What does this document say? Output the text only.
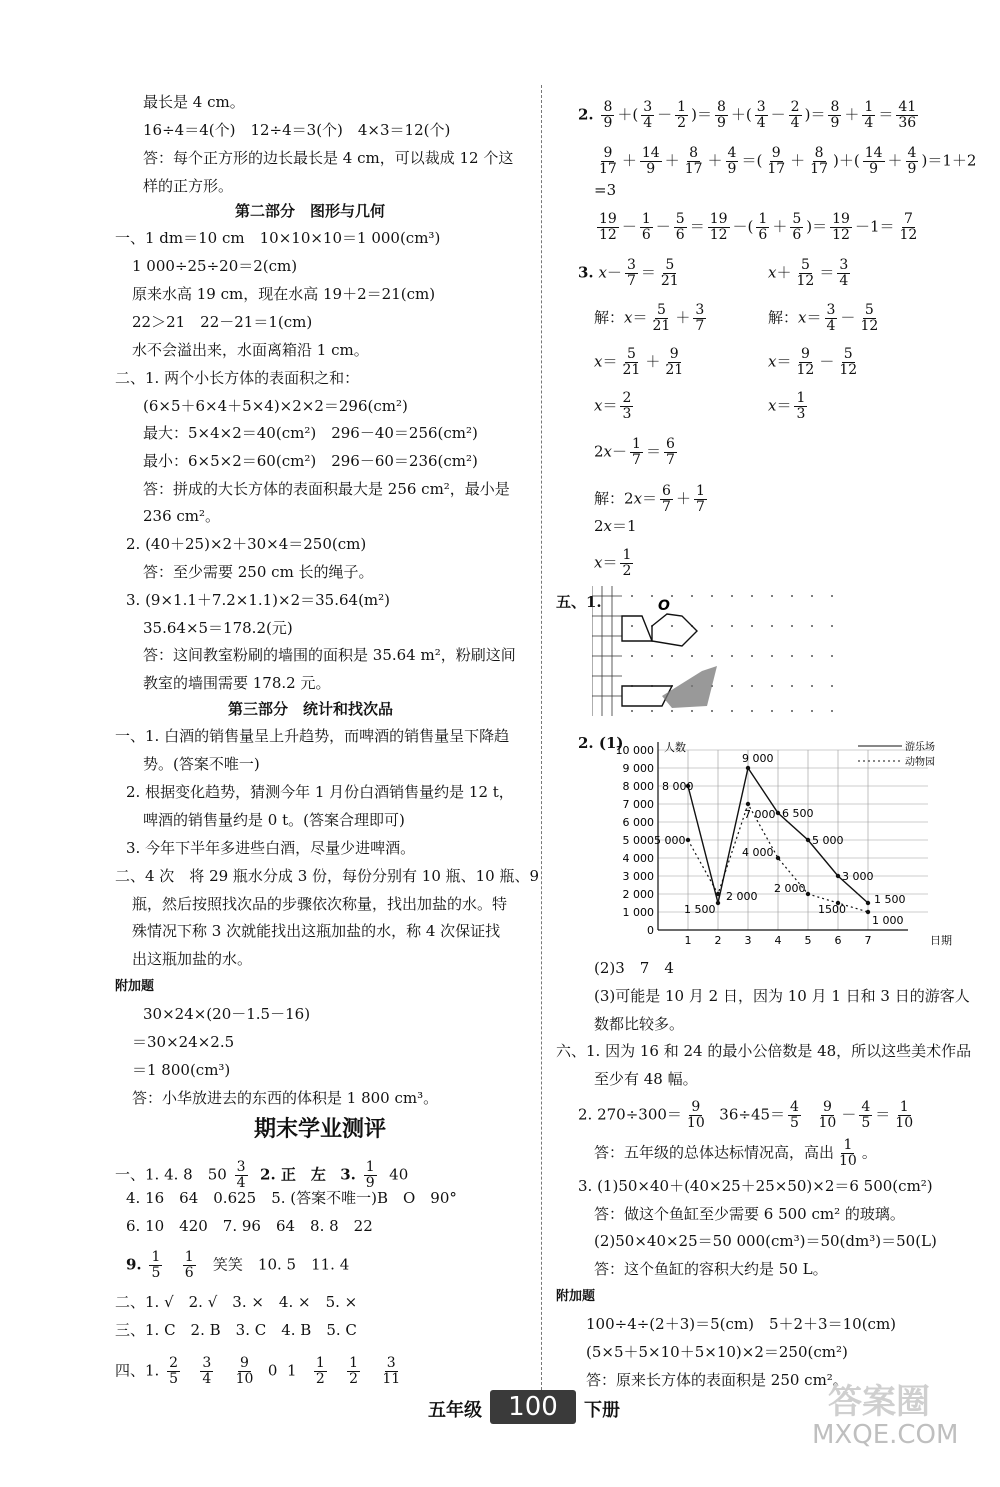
最长是 4 cm。
16÷4＝4(个)　12÷4＝3(个)　4×3＝12(个)
答：每个正方形的边长最长是 4 cm，可以裁成 12 个这
样的正方形。
第二部分　图形与几何
一、1 dm＝10 cm　10×10×10＝1 000(cm³)
1 000÷25÷20＝2(cm)
原来水高 19 cm，现在水高 19＋2＝21(cm)
22＞21　22－21＝1(cm)
水不会溢出来，水面离箱沿 1 cm。
二、1. 两个小长方体的表面积之和：
(6×5＋6×4＋5×4)×2×2＝296(cm²)
最大：5×4×2＝40(cm²)　296－40＝256(cm²)
最小：6×5×2＝60(cm²)　296－60＝236(cm²)
答：拼成的大长方体的表面积最大是 256 cm²，最小是
236 cm²。
2. (40＋25)×2＋30×4＝250(cm)
答：至少需要 250 cm 长的绳子。
3. (9×1.1＋7.2×1.1)×2＝35.64(m²)
35.64×5＝178.2(元)
答：这间教室粉刷的墙围的面积是 35.64 m²，粉刷这间
教室的墙围需要 178.2 元。
第三部分　统计和找次品
一、1. 白酒的销售量呈上升趋势，而啤酒的销售量呈下降趋
势。(答案不唯一)
2. 根据变化趋势，猜测今年 1 月份白酒销售量约是 12 t，
啤酒的销售量约是 0 t。(答案合理即可)
3. 今年下半年多进些白酒，尽量少进啤酒。
二、4 次　将 29 瓶水分成 3 份，每份分别有 10 瓶、10 瓶、9
瓶，然后按照找次品的步骤依次称量，找出加盐的水。特
殊情况下称 3 次就能找出这瓶加盐的水，称 4 次保证找
出这瓶加盐的水。
附加题
30×24×(20－1.5－16)
＝30×24×2.5
＝1 800(cm³)
答：小华放进去的东西的体积是 1 800 cm³。
期末学业测评
一、1. 4. 8　$50 \frac{3}{4} 2$. 正　左 3. $\frac{1}{9} 40$
4. 16　64　0.625　5. (答案不唯一)B　O　90°
6. 10　420　7. 96　64　8. 8　22
9. $\frac{1}{5}$
$\frac{1}{6}$ 笑笑　10. 5　11. 4
二、1. √　2. √　3. ×　4. ×　5. ×
三、1. C　2. B　3. C　4. B　5. C
四、1. $\frac{2}{5}$
$\frac{3}{4}$
$\frac{9}{10} 0$  $1 \frac{1}{2}$
$\frac{1}{2}$
$\frac{3}{11}$
2. $\frac{8}{9}$ ＋( $\frac{3}{4} - \frac{1}{2}$ )＝ $\frac{8}{9}$ ＋( $\frac{3}{4} - \frac{2}{4}$ )＝ $\frac{8}{9} + \frac{1}{4} = \frac{41}{36}$
$\frac{9}{17} + \frac{14}{9} + \frac{8}{17} + \frac{4}{9}$ ＝( $\frac{9}{17} + \frac{8}{17}$ )＋( $\frac{14}{9} + \frac{4}{9} )=1+2$
=3
$\frac{19}{12} - \frac{1}{6} - \frac{5}{6} = \frac{19}{12}$ －( $\frac{1}{6} + \frac{5}{6}$ )＝ $\frac{19}{12} -1= \frac{7}{12}$
3. $x- \frac{3}{7} = \frac{5}{21}$	$x+ \frac{5}{12} = \frac{3}{4}$
解：$x= \frac{5}{21} + \frac{3}{7}$	解：$x= \frac{3}{4} - \frac{5}{12}$
$x= \frac{5}{21} + \frac{9}{21}$	$x= \frac{9}{12} - \frac{5}{12}$
$x= \frac{2}{3}$	$x= \frac{1}{3}$
$2x- \frac{1}{7} = \frac{6}{7}$
解：$2x= \frac{6}{7} + \frac{1}{7}$
2x＝1
$x= \frac{1}{2}$
五、1.	O
2. (1)
0
1 000
2 000
3 000
4 000
5 000
6 000
7 000
8 000
9 000
10 000
1 2 3 4 5 6 7
人数
日期
8 000
1 500
9 000
6 500
5 000
3 000
1 500
5 000
2 000
7 000
4 000
2 000
1500
1 000
游乐场
动物园
(2)3　7　4
(3)可能是 10 月 2 日，因为 10 月 1 日和 3 日的游客人
数都比较多。
六、1. 因为 16 和 24 的最小公倍数是 48，所以这些美术作品
至少有 48 幅。
2. $270\div 300= \frac{9}{10} 36\div 45= \frac{4}{5}$
$\frac{9}{10} - \frac{4}{5} = \frac{1}{10}$
答：五年级的总体达标情况高，高出 $\frac{1}{10}$ 。
3. (1)50×40＋(40×25＋25×50)×2＝6 500(cm²)
答：做这个鱼缸至少需要 6 500 cm² 的玻璃。
(2)50×40×25＝50 000(cm³)＝50(dm³)＝50(L)
答：这个鱼缸的容积大约是 50 L。
附加题
100÷4÷(2＋3)＝5(cm)　5＋2＋3＝10(cm)
(5×5＋5×10＋5×10)×2＝250(cm²)
答：原来长方体的表面积是 250 cm²。
五年级	100	下册	答案圈
MXQE.COM
